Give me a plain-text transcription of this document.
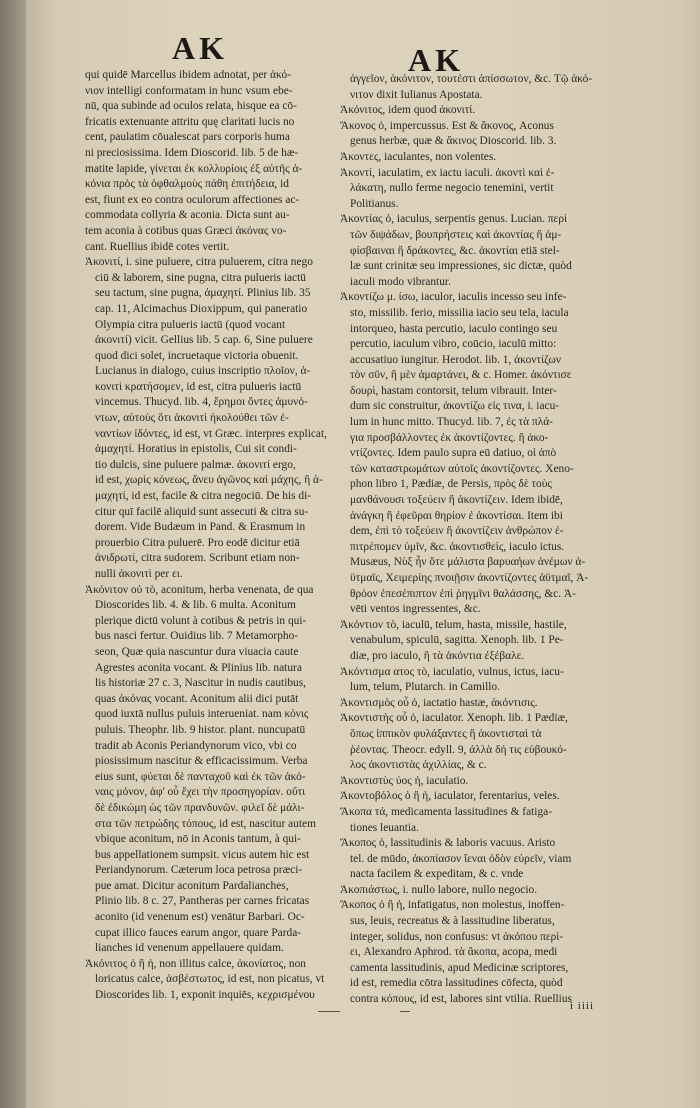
AK	AK

qui quidē Marcellus ibidem adnotat, per ἀκό-

νιον intelligi conformatam in hunc vsum ebe-

nū, qua subinde ad oculos relata, hisque ea cō-

fricatis extenuante attritu quę claritati lucis no

cent, paulatim cōualescat pars corporis huma

ni preciosissima. Idem Dioscorid. lib. 5 de hæ-

matite lapide, γίνεται ἐκ κολλυρίοις ἐξ αὐτῆς ἀ-

κόνια πρὸς τὰ ὀφθαλμοὺς πάθη ἐπιτήδεια, id

est, fiunt ex eo contra oculorum affectiones ac-

commodata collyria & aconia. Dicta sunt au-

tem aconia à cotibus quas Græci ἀκόνας vo-

cant. Ruellius ibidē cotes vertit.

Ἀκονιτί, i. sine puluere, citra puluerem, citra nego

ciū & laborem, sine pugna, citra pulueris iactū

seu tactum, sine pugna, ἀμαχητί. Plinius lib. 35

cap. 11, Alcimachus Dioxippum, qui paneratio

Olympia citra pulueris iactū (quod vocant

ἀκονιτί) vicit. Gellius lib. 5 cap. 6, Sine puluere

quod dici solet, incruetaque victoria obuenit.

Lucianus in dialogo, cuius inscriptio πλοῖον, ἀ-

κονιτὶ κρατήσομεν, id est, citra pulueris iactū

vincemus. Thucyd. lib. 4, ἔρημοι ὄντες ἀμυνό-

ντων, αὐτοὺς ὅτι ἀκονιτὶ ἠκολούθει τῶν ἐ-

ναντίων ἰδόντες, id est, vt Græc. interpres explicat,

ἀμαχητί. Horatius in epistolis, Cui sit condi-

tio dulcis, sine puluere palmæ. ἀκονιτί ergo,

id est, χωρὶς κόνεως, ἄνευ ἀγῶνος καὶ μάχης, ἢ ἀ-

μαχητί, id est, facile & citra negociū. De his di-

citur quī facilē aliquid sunt assecuti & citra su-

dorem. Vide Budæum in Pand. & Erasmum in

prouerbio Citra puluerē. Pro eodē dicitur etiā

ἀνιδρωτί, citra sudorem. Scribunt etiam non-

nulli ἀκονιτὶ per ει.

Ἀκόνιτον οὐ τὸ, aconitum, herba venenata, de qua

Dioscorides lib. 4. & lib. 6 multa. Aconitum

plerique dictū volunt à cotibus & petris in qui-

bus nasci fertur. Ouidius lib. 7 Metamorpho-

seon, Quæ quia nascuntur dura viuacia caute

Agrestes aconita vocant. & Plinius lib. natura

lis historiæ 27 c. 3, Nascitur in nudis cautibus,

quas ἀκόνας vocant. Aconitum alii dici putāt

quod iuxtā nullus puluis interueniat. nam κόνις

puluis. Theophr. lib. 9 histor. plant. nuncupatū

tradit ab Aconis Periandynorum vico, vbi co

piosissimum nascitur & efficacissimum. Verba

eius sunt, φύεται δὲ πανταχοῦ καὶ ἐκ τῶν ἀκό-

ναις μόνον, ἀφ' οὗ ἔχει τὴν προσηγορίαν. οὔτι

δὲ ἐδικώμη ὡς τῶν πρανδυνῶν. φιλεῖ δὲ μάλι-

στα τῶν πετρώδης τόπους, id est, nascitur autem

vbique aconitum, nō in Aconis tantum, à qui-

bus appellationem sumpsit. vicus autem hic est

Periandynorum. Cæterum loca petrosa præci-

pue amat. Dicitur aconitum Pardalianches,

Plinio lib. 8 c. 27, Pantheras per carnes fricatas

aconito (id venenum est) venātur Barbari. Oc-

cupat illico fauces earum angor, quare Parda-

lianches id venenum appellauere quidam.

Ἀκόνιτος ὁ ἢ ἡ, non illitus calce, ἀκονίατος, non

loricatus calce, ἀσβέστωτος, id est, non picatus, vt

Dioscorides lib. 1, exponit inquiēs, κεχρισμένου

ἀγγεῖον, ἀκόνιτον, τουτέστι ἀπίσσωτον, &c. Τῷ ἀκό-

νιτον dixit Iulianus Apostata.

Ἀκόνιτος, idem quod ἀκονιτί.

Ἄκονος ὁ, impercussus. Est & ἄκονος, Aconus

genus herbæ, quæ & ἄκινος Dioscorid. lib. 3.

Ἀκοντες, iaculantes, non volentes.

Ἀκοντί, iaculatim, ex iactu iaculi. ἀκοντὶ καὶ ἐ-

λάκατη, nullo ferme negocio tenemini, vertit

Politianus.

Ἀκοντίας ὁ, iaculus, serpentis genus. Lucian. περὶ

τῶν διψάδων, βουπρήστεις καὶ ἀκοντίας ἢ ἀμ-

φίσβαιναι ἢ δράκοντες, &c. ἀκοντίαι etiā stel-

læ sunt crinitæ seu impressiones, sic dictæ, quòd

iaculi modo vibrantur.

Ἀκοντίζω μ. ίσω, iaculor, iaculis incesso seu infe-

sto, missilib. ferio, missilia iacio seu tela, iacula

intorqueo, hasta percutio, iaculo contingo seu

percutio, iaculum vibro, coūcio, iaculū mitto:

accusatiuo iungitur. Herodot. lib. 1, ἀκοντίζων

τὸν σῦν, ἢ μὲν ἁμαρτάνει, & c. Homer. ἀκόντισε

δουρὶ, hastam contorsit, telum vibrauit. Inter-

dum sic construitur, ἀκοντίζω εἰς τινα, i. iacu-

lum in hunc mitto. Thucyd. lib. 7, ἐς τὰ πλά-

για προσβάλλοντες ἐκ ἀκοντίζοντες. ἢ ἀκο-

ντίζοντες. Idem paulo supra eū datiuo, οἱ ἀπὸ

τῶν καταστρωμάτων αὐτοῖς ἀκοντίζοντες. Xeno-

phon libro 1, Pædiæ, de Persis, πρὸς δὲ τοὺς

μανθάνουσι τοξεύειν ἢ ἀκοντίζειν. Idem ibidē,

ἀνάγκη ἢ ἐφεῦραι θηρίον ἐ ἀκοντίσαι. Item ibi

dem, ἐπὶ τὸ τοξεύειν ἢ ἀκοντίζειν ἀνθρώπον ἐ-

πιτρέπομεν ὑμῖν, &c. ἀκοντισθεὶς, iaculo ictus.

Musæus, Νὺξ ἦν ὅτε μάλιστα βαρυαήων ἀνέμων ἀ-

ϋτμαῖς, Χειμερίης πνοιῇσιν ἀκοντίζοντες ἀϋτμαῖ, Ἀ-

θρόον ἐπεσέπιπτον ἐπὶ ῥηγμῖνι θαλάσσης, &c. Ἀ-

vēti ventos ingressentes, &c.

Ἀκόντιον τὸ, iaculū, telum, hasta, missile, hastile,

venabulum, spiculū, sagitta. Xenoph. lib. 1 Pe-

diæ, pro iaculo, ἢ τὰ ἀκόντια ἐξέβαλε.

Ἀκόντισμα ατος τὸ, iaculatio, vulnus, ictus, iacu-

lum, telum, Plutarch. in Camillo.

Ἀκοντισμὸς οὗ ὁ, iactatio hastæ, ἀκόντισις.

Ἀκοντιστὴς οὗ ὁ, iaculator. Xenoph. lib. 1 Pædiæ,

ὅπως ἱππικὸν φυλάξαντες ἢ ἀκοντισταὶ τὰ

ῥέοντας. Theocr. edyll. 9, ἀλλὰ δή τις εὐβουκό-

λος ἀκοντιστὰς ἀχιλλίας, & c.

Ἀκοντιστὺς ύος ἡ, iaculatio.

Ἀκοντοβόλος ὁ ἢ ἡ, iaculator, ferentarius, veles.

Ἄκοπα τά, medicamenta lassitudines & fatiga-

tiones leuantia.

Ἄκοπος ὁ, lassitudinis & laboris vacuus. Aristo

tel. de mūdo, ἀκοπίασον ἴεναι ὁδὸν εὑρεῖν, viam

nacta facilem & expeditam, & c. vnde

Ἀκοπιάστως, i. nullo labore, nullo negocio.

Ἄκοπος ὁ ἢ ἡ, infatigatus, non molestus, inoffen-

sus, leuis, recreatus & à lassitudine liberatus,

integer, solidus, non confusus: vt ἀκόπου περὶ-

ει, Alexandro Aphrod. τὰ ἄκοπα, acopa, medi

camenta lassitudinis, apud Medicinæ scriptores,

id est, remedia cōtra lassitudines cōfecta, quòd

contra κόπους, id est, labores sint vtilia. Ruellius

i iiii
